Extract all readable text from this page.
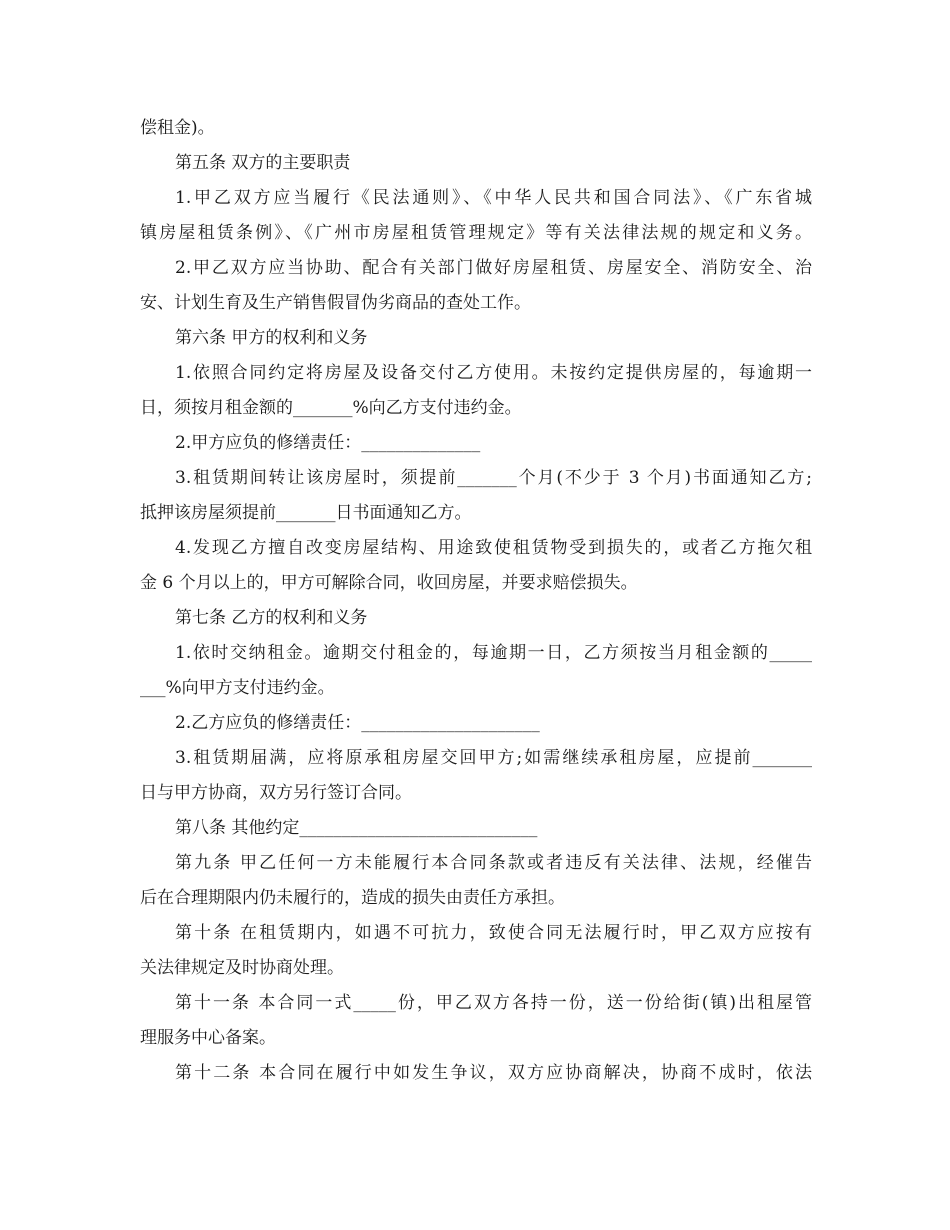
偿租金)。
第五条 双方的主要职责
1.甲乙双方应当履行《民法通则》、《中华人民共和国合同法》、《广东省城
镇房屋租赁条例》、《广州市房屋租赁管理规定》等有关法律法规的规定和义务。
2.甲乙双方应当协助、配合有关部门做好房屋租赁、房屋安全、消防安全、治
安、计划生育及生产销售假冒伪劣商品的查处工作。
第六条 甲方的权利和义务
1.依照合同约定将房屋及设备交付乙方使用。未按约定提供房屋的，每逾期一
日，须按月租金额的_______%向乙方支付违约金。
2.甲方应负的修缮责任：______________
3.租赁期间转让该房屋时，须提前_______个月(不少于 3 个月)书面通知乙方;
抵押该房屋须提前_______日书面通知乙方。
4.发现乙方擅自改变房屋结构、用途致使租赁物受到损失的，或者乙方拖欠租
金 6 个月以上的，甲方可解除合同，收回房屋，并要求赔偿损失。
第七条 乙方的权利和义务
1.依时交纳租金。逾期交付租金的，每逾期一日，乙方须按当月租金额的_____
___%向甲方支付违约金。
2.乙方应负的修缮责任：_____________________
3.租赁期届满，应将原承租房屋交回甲方;如需继续承租房屋，应提前_______
日与甲方协商，双方另行签订合同。
第八条 其他约定____________________________
第九条 甲乙任何一方未能履行本合同条款或者违反有关法律、法规，经催告
后在合理期限内仍未履行的，造成的损失由责任方承担。
第十条 在租赁期内，如遇不可抗力，致使合同无法履行时，甲乙双方应按有
关法律规定及时协商处理。
第十一条 本合同一式_____份，甲乙双方各持一份，送一份给街(镇)出租屋管
理服务中心备案。
第十二条 本合同在履行中如发生争议，双方应协商解决，协商不成时，依法
